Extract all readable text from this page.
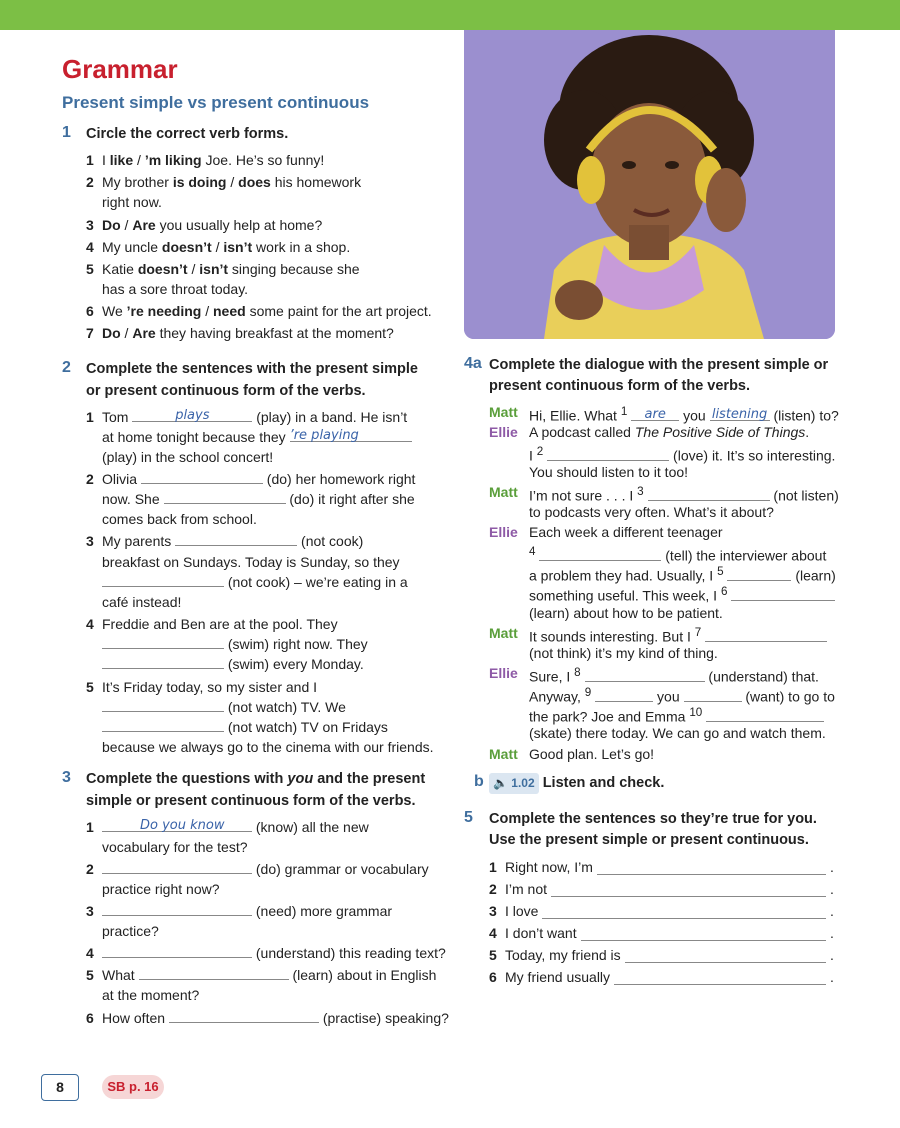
Grammar
Present simple vs present continuous
1 Circle the correct verb forms.
1 I like / ’m liking Joe. He’s so funny!
2 My brother is doing / does his homework
right now.
3 Do / Are you usually help at home?
4 My uncle doesn’t / isn’t work in a shop.
5 Katie doesn’t / isn’t singing because she
has a sore throat today.
6 We ’re needing / need some paint for the art project.
7 Do / Are they having breakfast at the moment?
2 Complete the sentences with the present simple
or present continuous form of the verbs.
1 Tom	plays	(play) in a band. He isn’t
at home tonight because they ’re playing
(play) in the school concert!
2 Olivia	(do) her homework right
now. She	(do) it right after she
comes back from school.
3 My parents	(not cook)
breakfast on Sundays. Today is Sunday, so they
(not cook) – we’re eating in a
café instead!
4 Freddie and Ben are at the pool. They
(swim) right now. They
(swim) every Monday.
5 It’s Friday today, so my sister and I
(not watch) TV. We
(not watch) TV on Fridays
because we always go to the cinema with our friends.
3 Complete the questions with you and the present
simple or present continuous form of the verbs.
1	Do you know (know) all the new
vocabulary for the test?
2	(do) grammar or vocabulary
practice right now?
3	(need) more grammar
practice?
4	(understand) this reading text?
5 What	(learn) about in English
at the moment?
6 How often	(practise) speaking?
4a Complete the dialogue with the present simple or
present continuous form of the verbs.
Matt Hi, Ellie. What $^1$ are you listening (listen) to?
Ellie A podcast called The Positive Side of Things.
I $^2$	(love) it. It’s so interesting.
You should listen to it too!
Matt I’m not sure . . . I $^3$	(not listen)
to podcasts very often. What’s it about?
Ellie Each week a different teenager
$^4$	(tell) the interviewer about
a problem they had. Usually, I $^5$	(learn)
something useful. This week, I $^6$
(learn) about how to be patient.
Matt It sounds interesting. But I $^7$
(not think) it’s my kind of thing.
Ellie Sure, I $^8$	(understand) that.
Anyway, $^9$	you	(want) to go to
the park? Joe and Emma $^{10}$
(skate) there today. We can go and watch them.
Matt Good plan. Let’s go!
b 🔈 1.02 Listen and check.
5 Complete the sentences so they’re true for you.
Use the present simple or present continuous.
1 Right now, I’m	.
2 I’m not	.
3 I love	.
4 I don’t want	.
5 Today, my friend is	.
6 My friend usually	.
8	SB p. 16
